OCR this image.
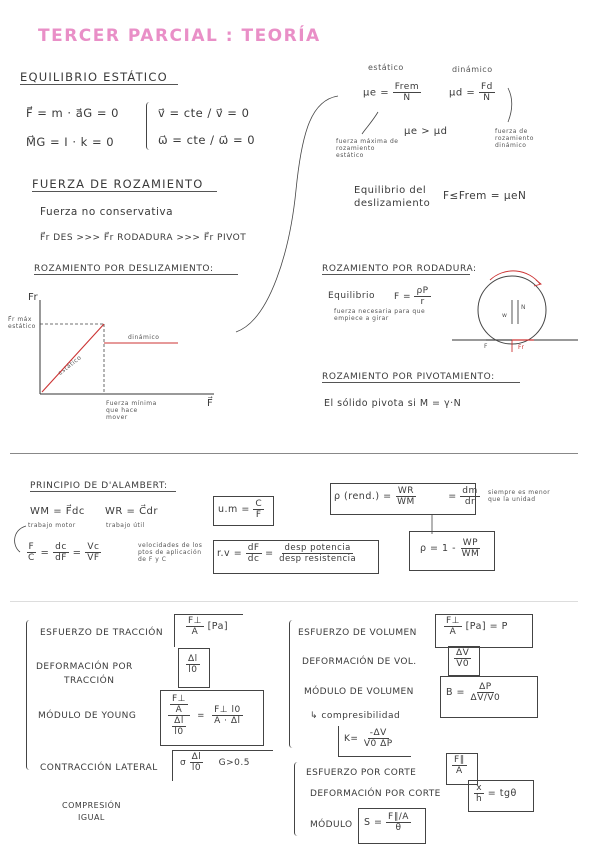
TERCER PARCIAL : TEORÍA
EQUILIBRIO ESTÁTICO
F⃗ = m · a⃗G = 0
M⃗G = I · k = 0
v⃗ = cte / v⃗ = 0
ω⃗ = cte / ω⃗ = 0
estático	dinámico
$\mu e = \frac{\text{Frem}}{N}$	$\mu d = \frac{Fd}{N}$
μe > μd
fuerza máxima de rozamiento estático
fuerza de rozamiento dinámico
FUERZA DE ROZAMIENTO
Fuerza no conservativa
F⃗r DES >>> F⃗r RODADURA >>> F⃗r PIVOT
Equilibrio del
deslizamiento
F≤Frem = μeN
ROZAMIENTO POR DESLIZAMIENTO:
Fr
F⃗r máx estático
dinámico
estático
Fuerza mínima que hace mover
F⃗
ROZAMIENTO POR RODADURA:
Equilibrio $F = \frac{\rho P}{r}$
fuerza necesaria para que empiece a girar	w
N
F	Fr
ROZAMIENTO POR PIVOTAMIENTO:
El sólido pivota si M = γ·N
PRINCIPIO DE D'ALAMBERT:
WM = F⃗dc WR = C⃗dr
trabajo motor	trabajo útil
$u.m = \frac{C}{F}$
ρ (rend.) = $\frac{WR}{WM}$	= $\frac{dm}{dr}$ siempre es menor que la unidad
$\frac{F}{C} = \frac{dc}{dF} = \frac{Vc}{VF}$	velocidades de los ptos de aplicación de F y C
$r.v = \frac{dF}{dc} = \frac{\text{desp potencia}}{\text{desp resistencia}}$	$\rho = 1 - \frac{WP}{WM}$
ESFUERZO DE TRACCIÓN	$\frac{F\perp}{A} [Pa]$
DEFORMACIÓN POR
TRACCIÓN
$\frac{\Delta l}{l0}$
MÓDULO DE YOUNG	$\frac{\frac{F\perp}{A}}{\frac{\Delta l}{l0}} = \frac{F\perp l0}{A \cdot \Delta l}$
CONTRACCIÓN LATERAL σ $\frac{\Delta l}{l0} G>0.5$
COMPRESIÓN
IGUAL
ESFUERZO DE VOLUMEN	$\frac{F\perp}{A} [Pa] = P$
DEFORMACIÓN DE VOL.	$\frac{\Delta V}{V0}$
MÓDULO DE VOLUMEN	$B = \frac{\Delta P}{\Delta V/V0}$
↳ compresibilidad
$K= \frac{-\Delta V}{V0 \Delta P}$
ESFUERZO POR CORTE	$\frac{F\parallel}{A}$
DEFORMACIÓN POR CORTE	$\frac{x}{h} = tg\theta$
MÓDULO $S = \frac{F\parallel/A}{\theta}$
